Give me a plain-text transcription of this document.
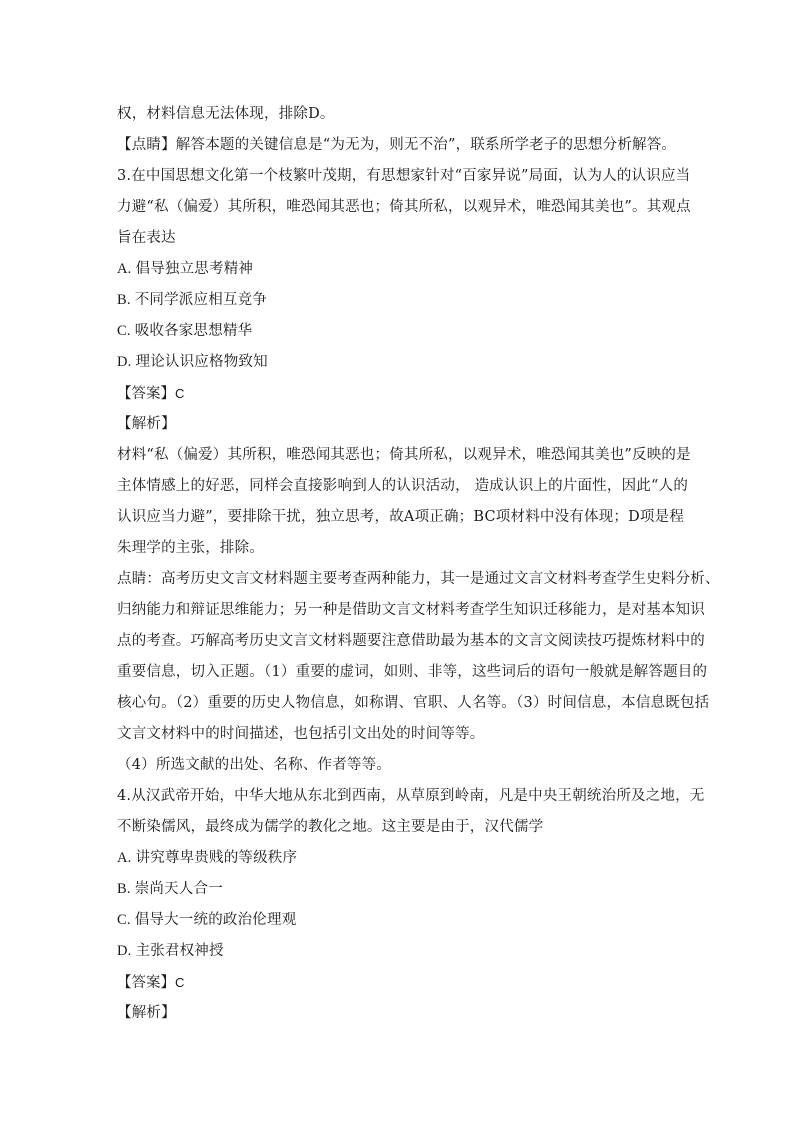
权，材料信息无法体现，排除D。
【点睛】解答本题的关键信息是“为无为，则无不治”，联系所学老子的思想分析解答。
3.在中国思想文化第一个枝繁叶茂期，有思想家针对“百家异说”局面，认为人的认识应当
力避“私（偏爱）其所积，唯恐闻其恶也；倚其所私，以观异术，唯恐闻其美也”。其观点
旨在表达
A. 倡导独立思考精神
B. 不同学派应相互竞争
C. 吸收各家思想精华
D. 理论认识应格物致知
【答案】C
【解析】
材料“私（偏爱）其所积，唯恐闻其恶也；倚其所私，以观异术，唯恐闻其美也”反映的是
主体情感上的好恶，同样会直接影响到人的认识活动， 造成认识上的片面性，因此“人的
认识应当力避”，要排除干扰，独立思考，故A项正确；BC项材料中没有体现；D项是程
朱理学的主张，排除。
点睛：高考历史文言文材料题主要考查两种能力，其一是通过文言文材料考查学生史料分析、
归纳能力和辩证思维能力；另一种是借助文言文材料考查学生知识迁移能力，是对基本知识
点的考查。巧解高考历史文言文材料题要注意借助最为基本的文言文阅读技巧提炼材料中的
重要信息，切入正题。（1）重要的虚词，如则、非等，这些词后的语句一般就是解答题目的
核心句。（2）重要的历史人物信息，如称谓、官职、人名等。（3）时间信息，本信息既包括
文言文材料中的时间描述，也包括引文出处的时间等等。
（4）所选文献的出处、名称、作者等等。
4.从汉武帝开始，中华大地从东北到西南，从草原到岭南，凡是中央王朝统治所及之地，无
不断染儒风，最终成为儒学的教化之地。这主要是由于，汉代儒学
A. 讲究尊卑贵贱的等级秩序
B. 崇尚天人合一
C. 倡导大一统的政治伦理观
D. 主张君权神授
【答案】C
【解析】
